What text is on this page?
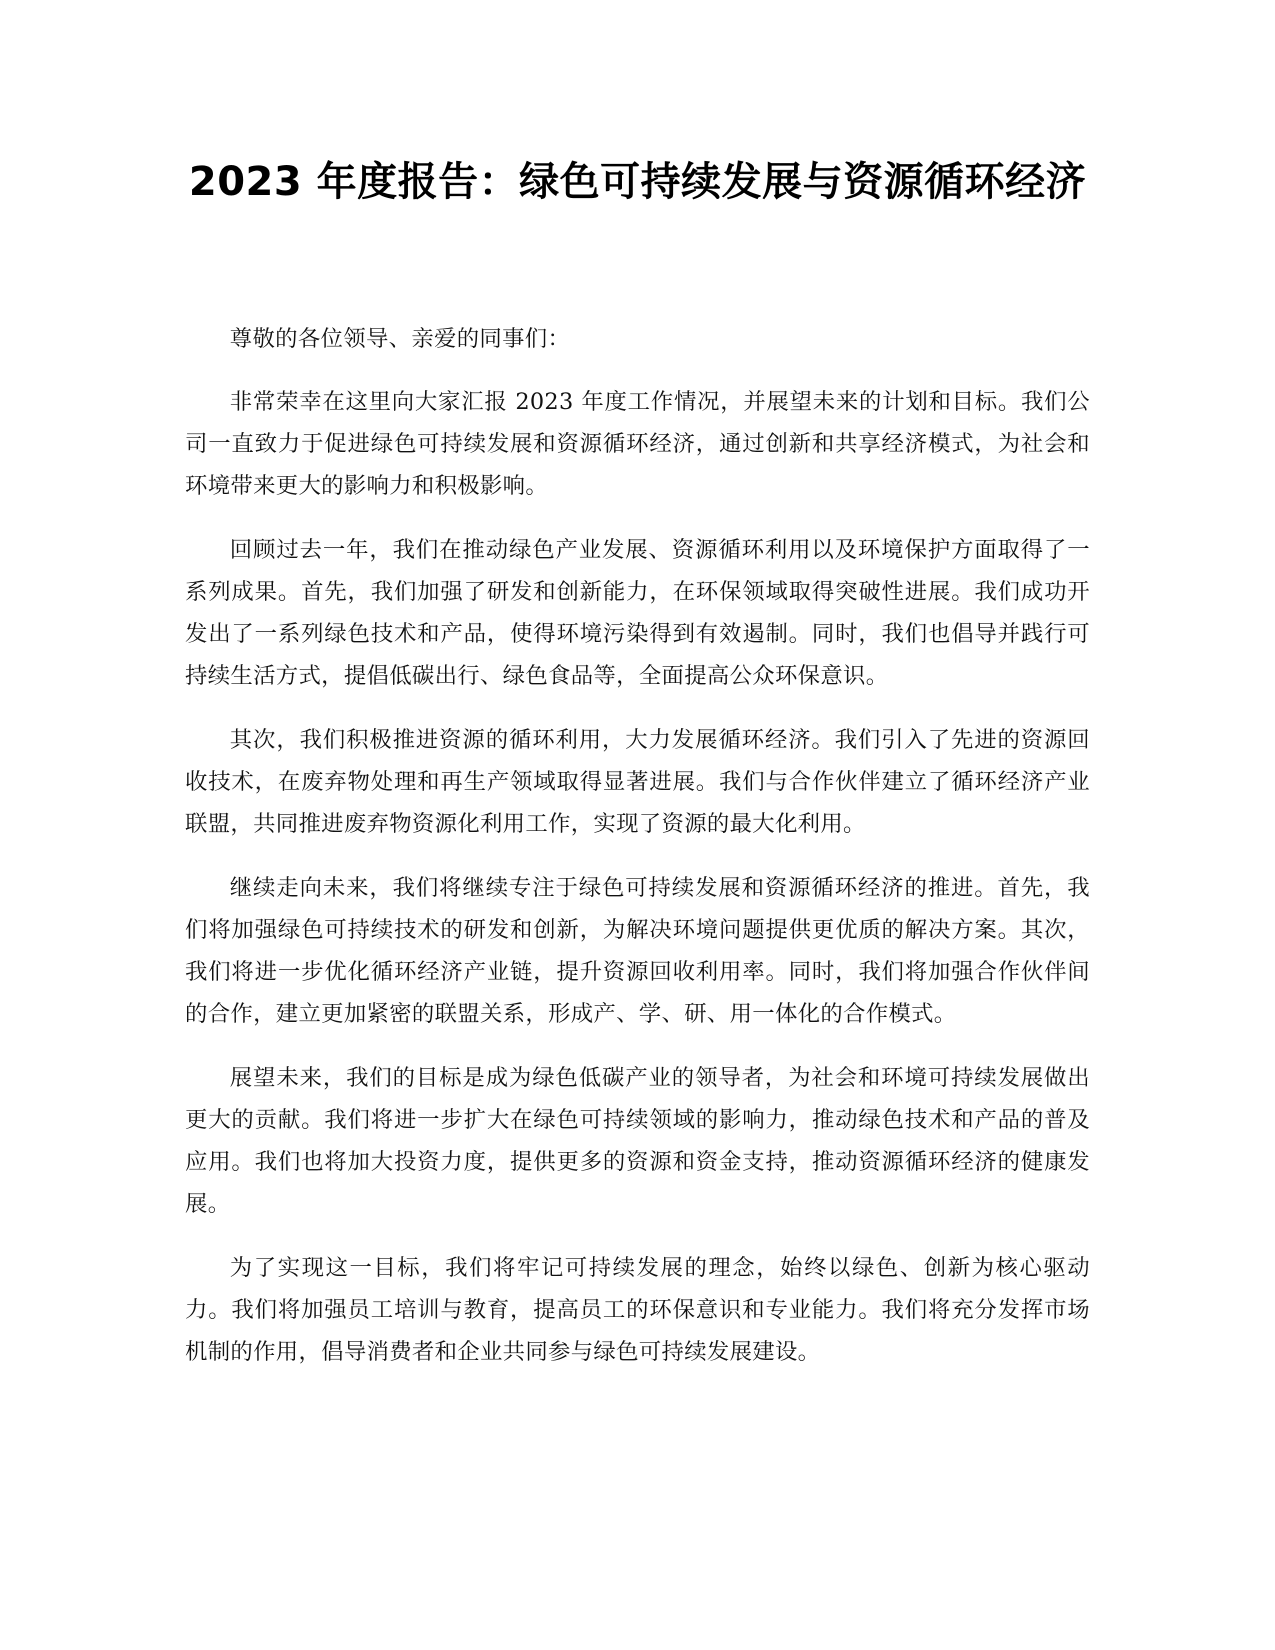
2023 年度报告：绿色可持续发展与资源循环经济

尊敬的各位领导、亲爱的同事们：

非常荣幸在这里向大家汇报 2023 年度工作情况，并展望未来的计划和目标。我们公司一直致力于促进绿色可持续发展和资源循环经济，通过创新和共享经济模式，为社会和环境带来更大的影响力和积极影响。

回顾过去一年，我们在推动绿色产业发展、资源循环利用以及环境保护方面取得了一系列成果。首先，我们加强了研发和创新能力，在环保领域取得突破性进展。我们成功开发出了一系列绿色技术和产品，使得环境污染得到有效遏制。同时，我们也倡导并践行可持续生活方式，提倡低碳出行、绿色食品等，全面提高公众环保意识。

其次，我们积极推进资源的循环利用，大力发展循环经济。我们引入了先进的资源回收技术，在废弃物处理和再生产领域取得显著进展。我们与合作伙伴建立了循环经济产业联盟，共同推进废弃物资源化利用工作，实现了资源的最大化利用。

继续走向未来，我们将继续专注于绿色可持续发展和资源循环经济的推进。首先，我们将加强绿色可持续技术的研发和创新，为解决环境问题提供更优质的解决方案。其次，我们将进一步优化循环经济产业链，提升资源回收利用率。同时，我们将加强合作伙伴间的合作，建立更加紧密的联盟关系，形成产、学、研、用一体化的合作模式。

展望未来，我们的目标是成为绿色低碳产业的领导者，为社会和环境可持续发展做出更大的贡献。我们将进一步扩大在绿色可持续领域的影响力，推动绿色技术和产品的普及应用。我们也将加大投资力度，提供更多的资源和资金支持，推动资源循环经济的健康发展。

为了实现这一目标，我们将牢记可持续发展的理念，始终以绿色、创新为核心驱动力。我们将加强员工培训与教育，提高员工的环保意识和专业能力。我们将充分发挥市场机制的作用，倡导消费者和企业共同参与绿色可持续发展建设。
